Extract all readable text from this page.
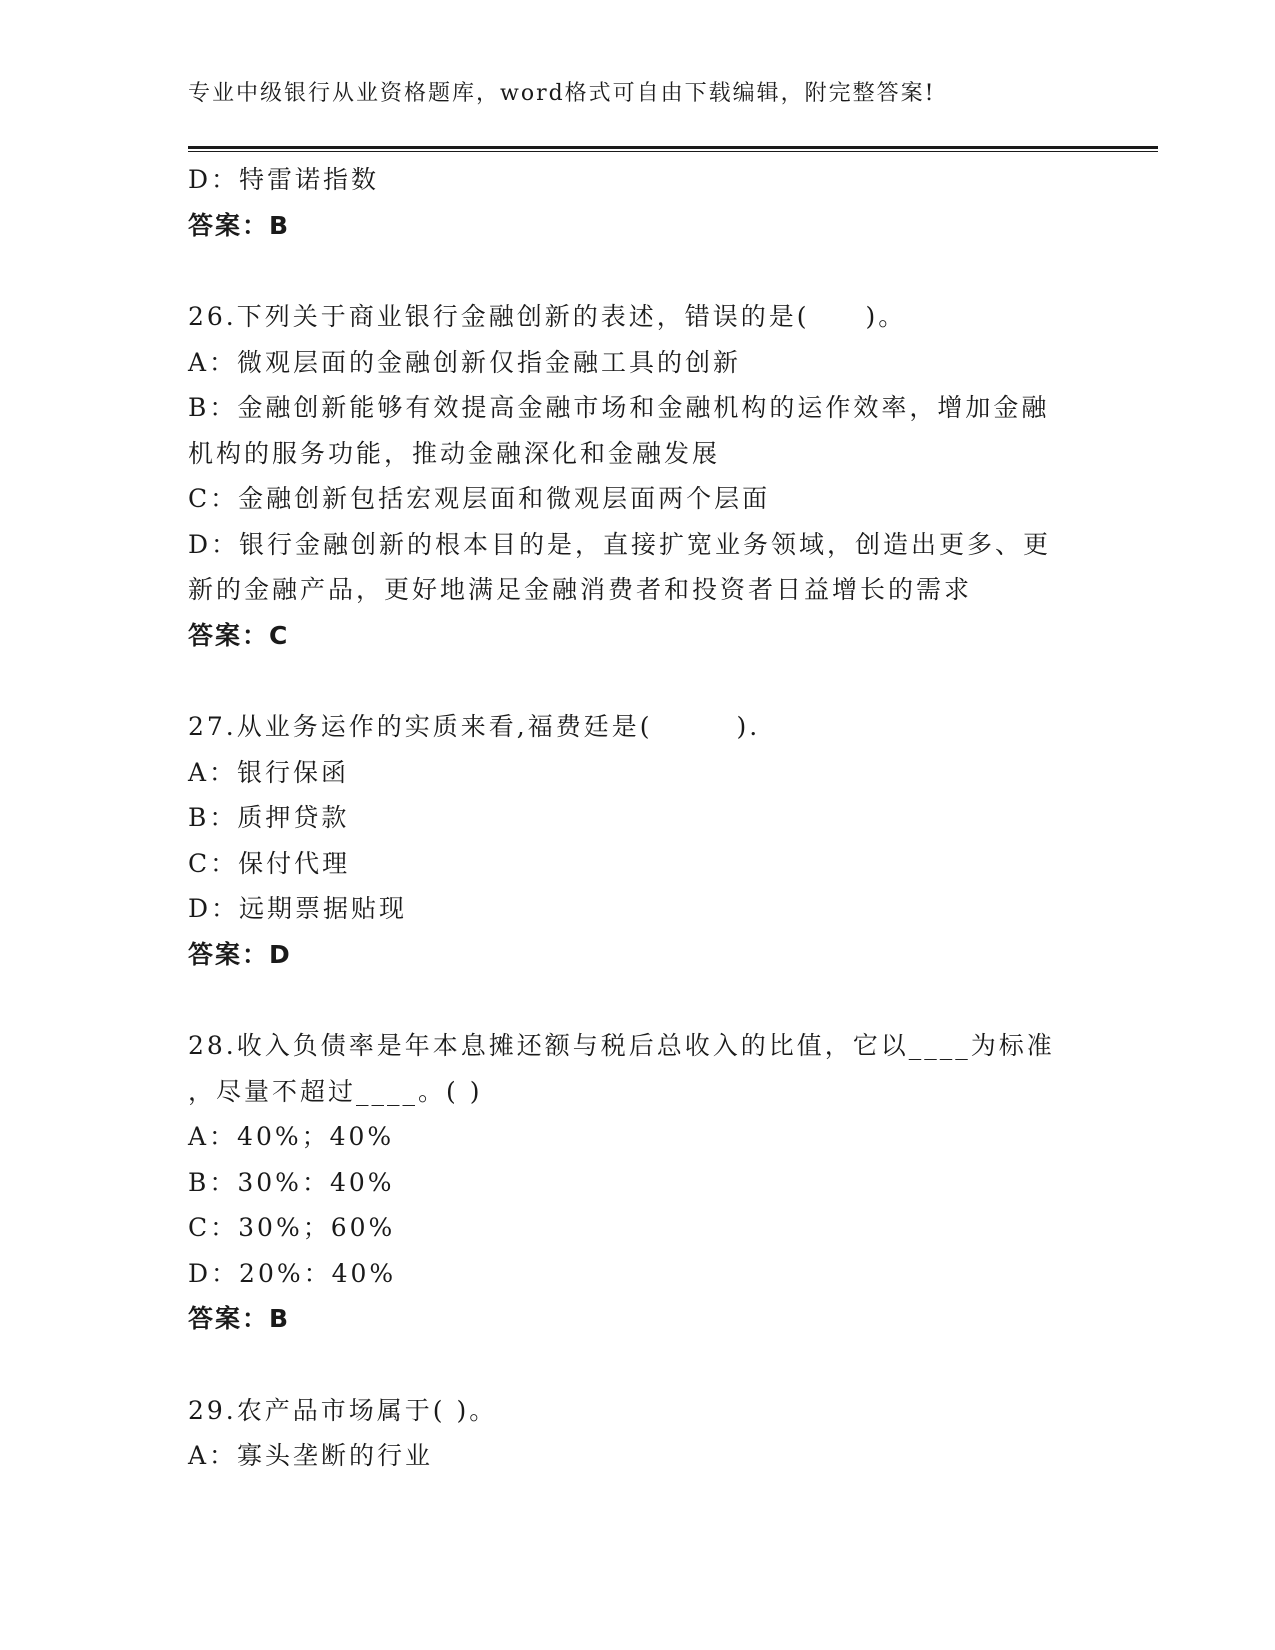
专业中级银行从业资格题库，word格式可自由下载编辑，附完整答案!
D：特雷诺指数
答案：B
26.下列关于商业银行金融创新的表述，错误的是(　　)。
A：微观层面的金融创新仅指金融工具的创新
B：金融创新能够有效提高金融市场和金融机构的运作效率，增加金融
机构的服务功能，推动金融深化和金融发展
C：金融创新包括宏观层面和微观层面两个层面
D：银行金融创新的根本目的是，直接扩宽业务领域，创造出更多、更
新的金融产品，更好地满足金融消费者和投资者日益增长的需求
答案：C
27.从业务运作的实质来看,福费廷是(　　　).
A：银行保函
B：质押贷款
C：保付代理
D：远期票据贴现
答案：D
28.收入负债率是年本息摊还额与税后总收入的比值，它以____为标准
，尽量不超过____。( )
A：40%；40%
B：30%：40%
C：30%；60%
D：20%：40%
答案：B
29.农产品市场属于( )。
A：寡头垄断的行业
